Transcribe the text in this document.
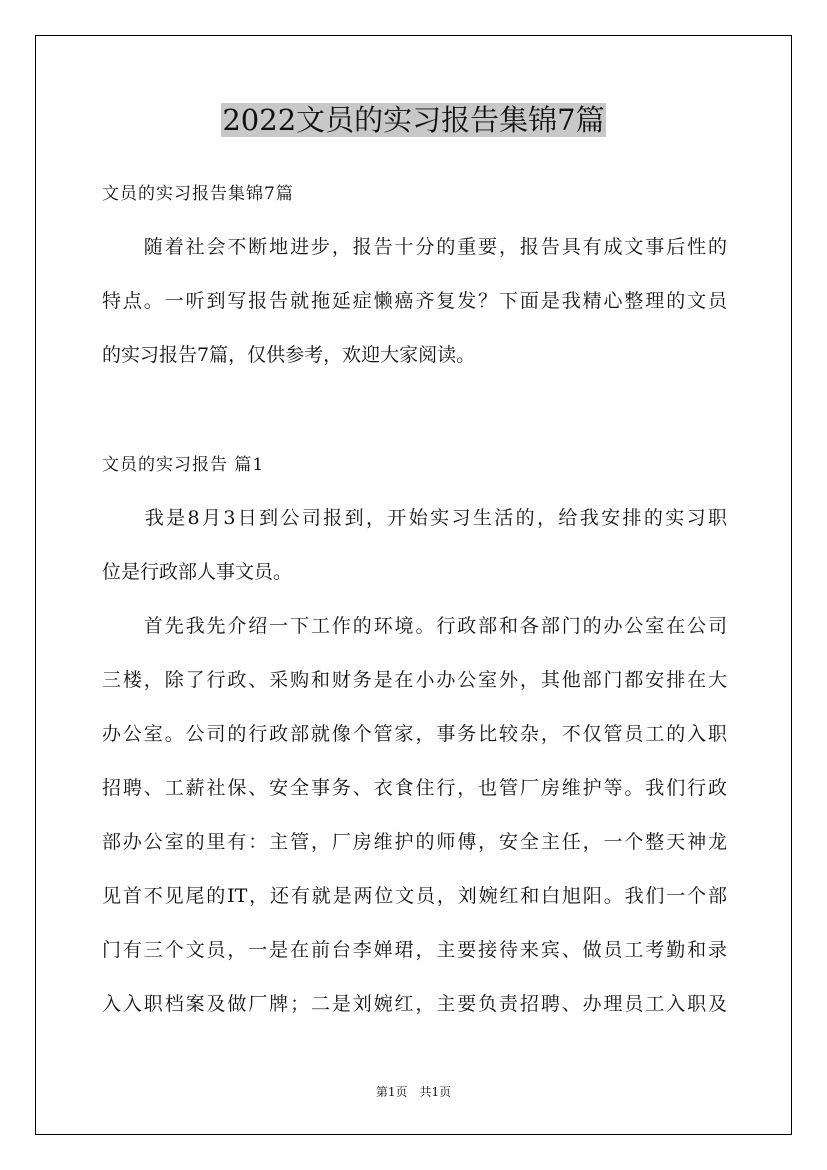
2022文员的实习报告集锦7篇
文员的实习报告集锦7篇
　　随着社会不断地进步，报告十分的重要，报告具有成文事后性的
特点。一听到写报告就拖延症懒癌齐复发？下面是我精心整理的文员
的实习报告7篇，仅供参考，欢迎大家阅读。
文员的实习报告 篇1
　　我是8月3日到公司报到，开始实习生活的，给我安排的实习职
位是行政部人事文员。
　　首先我先介绍一下工作的环境。行政部和各部门的办公室在公司
三楼，除了行政、采购和财务是在小办公室外，其他部门都安排在大
办公室。公司的行政部就像个管家，事务比较杂，不仅管员工的入职
招聘、工薪社保、安全事务、衣食住行，也管厂房维护等。我们行政
部办公室的里有：主管，厂房维护的师傅，安全主任，一个整天神龙
见首不见尾的IT，还有就是两位文员，刘婉红和白旭阳。我们一个部
门有三个文员，一是在前台李婵珺，主要接待来宾、做员工考勤和录
入入职档案及做厂牌；二是刘婉红，主要负责招聘、办理员工入职及
第1页　共1页
